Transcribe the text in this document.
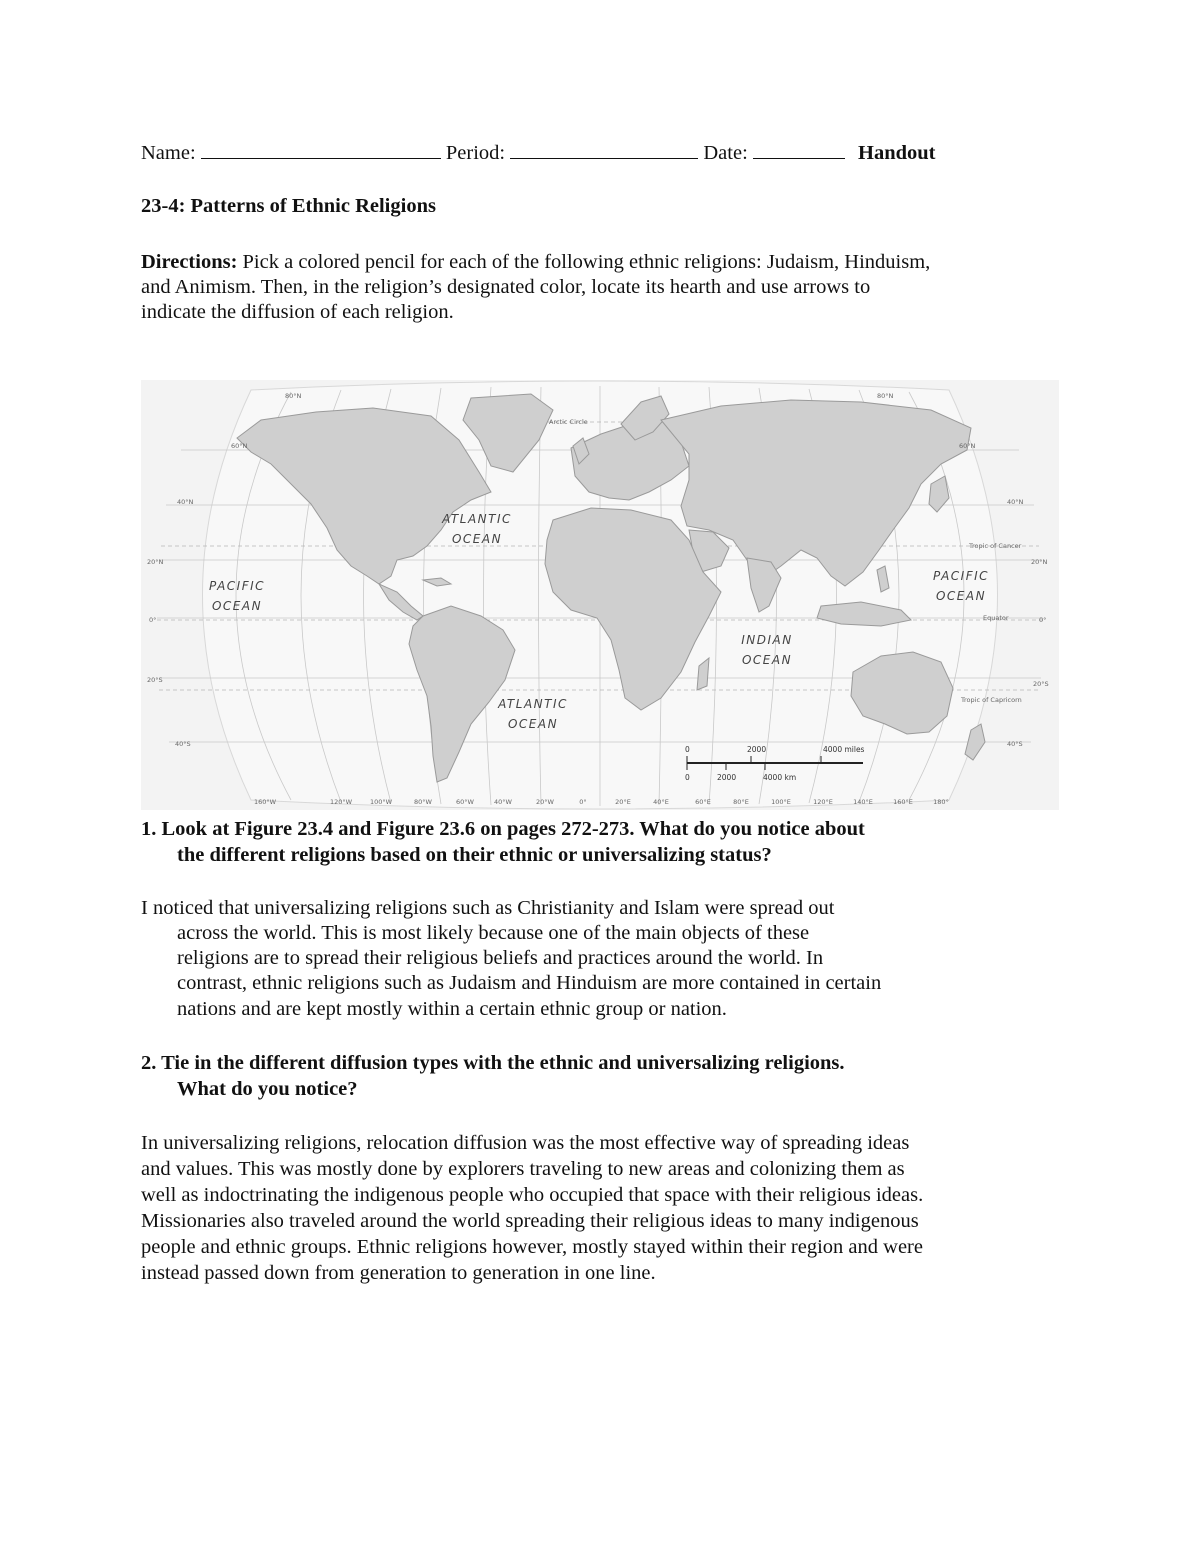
Name:	Period:	Date:	Handout
23-4: Patterns of Ethnic Religions
Directions: Pick a colored pencil for each of the following ethnic religions: Judaism, Hinduism,
and Animism. Then, in the religion’s designated color, locate its hearth and use arrows to
indicate the diffusion of each religion.
ATLANTIC
OCEAN
PACIFIC
OCEAN
PACIFIC
OCEAN
INDIAN
OCEAN
ATLANTIC
OCEAN
Arctic Circle
Tropic of Cancer
Equator
Tropic of Capricorn
80°N
60°N
40°N
20°N
0°
20°S
40°S
80°N
60°N
40°N
20°N
0°
20°S
40°S
160°W	120°W	100°W	80°W	60°W	40°W	20°W	0°	20°E	40°E	60°E	80°E	100°E	120°E	140°E	160°E	180°
0	2000	4000 miles
0	2000	4000 km
1. Look at Figure 23.4 and Figure 23.6 on pages 272-273. What do you notice about
the different religions based on their ethnic or universalizing status?
I noticed that universalizing religions such as Christianity and Islam were spread out
across the world. This is most likely because one of the main objects of these
religions are to spread their religious beliefs and practices around the world. In
contrast, ethnic religions such as Judaism and Hinduism are more contained in certain
nations and are kept mostly within a certain ethnic group or nation.
2. Tie in the different diffusion types with the ethnic and universalizing religions.
What do you notice?
In universalizing religions, relocation diffusion was the most effective way of spreading ideas
and values. This was mostly done by explorers traveling to new areas and colonizing them as
well as indoctrinating the indigenous people who occupied that space with their religious ideas.
Missionaries also traveled around the world spreading their religious ideas to many indigenous
people and ethnic groups. Ethnic religions however, mostly stayed within their region and were
instead passed down from generation to generation in one line.
